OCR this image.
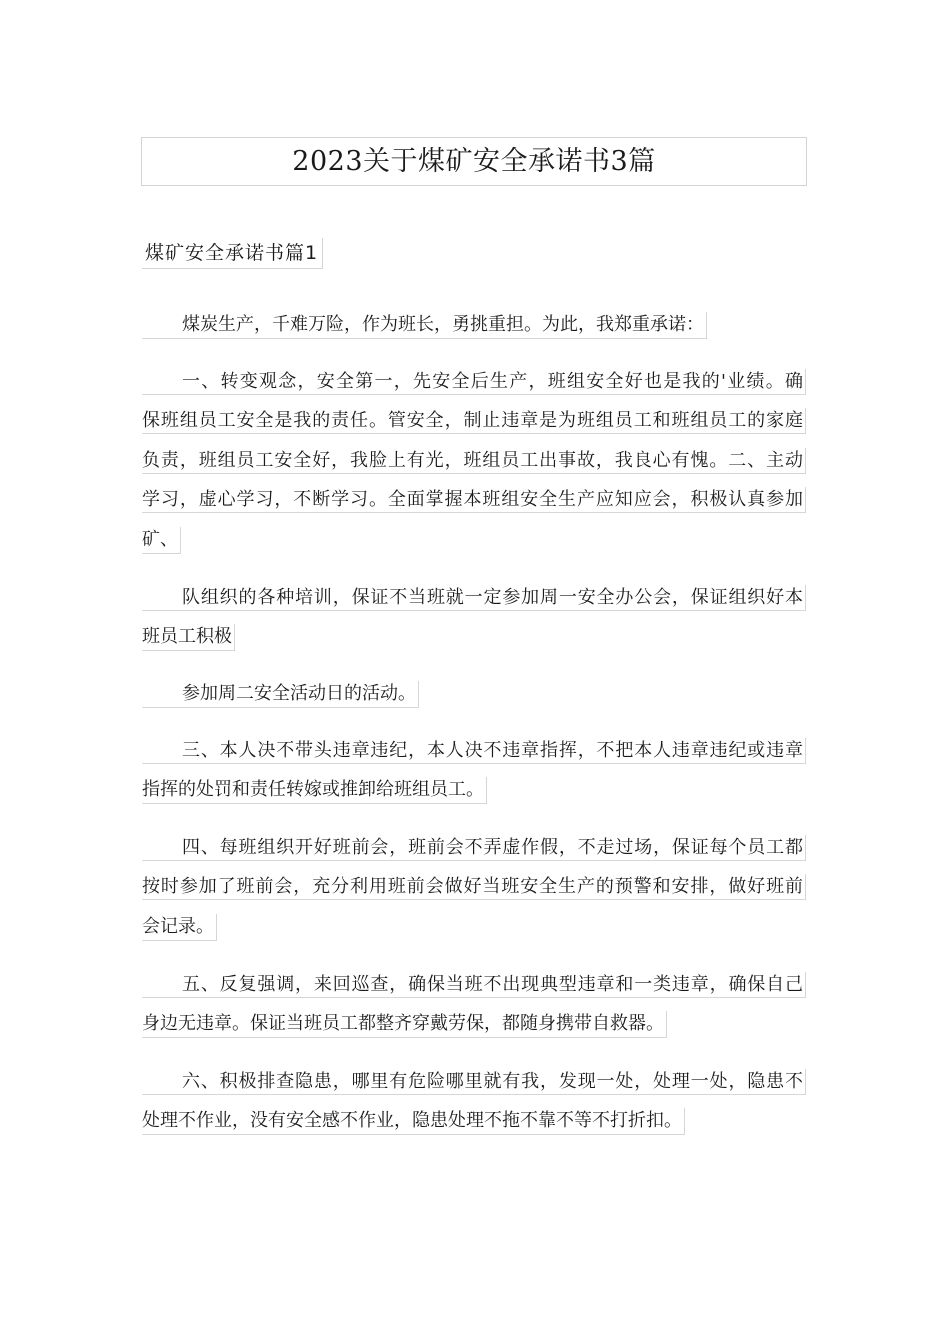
2023关于煤矿安全承诺书3篇
煤矿安全承诺书篇1
煤炭生产，千难万险，作为班长，勇挑重担。为此，我郑重承诺：
一、转变观念，安全第一，先安全后生产，班组安全好也是我的'业绩。确
保班组员工安全是我的责任。管安全，制止违章是为班组员工和班组员工的家庭
负责，班组员工安全好，我脸上有光，班组员工出事故，我良心有愧。二、主动
学习，虚心学习，不断学习。全面掌握本班组安全生产应知应会，积极认真参加
矿、
队组织的各种培训，保证不当班就一定参加周一安全办公会，保证组织好本
班员工积极
参加周二安全活动日的活动。
三、本人决不带头违章违纪，本人决不违章指挥，不把本人违章违纪或违章
指挥的处罚和责任转嫁或推卸给班组员工。
四、每班组织开好班前会，班前会不弄虚作假，不走过场，保证每个员工都
按时参加了班前会，充分利用班前会做好当班安全生产的预警和安排，做好班前
会记录。
五、反复强调，来回巡查，确保当班不出现典型违章和一类违章，确保自己
身边无违章。保证当班员工都整齐穿戴劳保，都随身携带自救器。
六、积极排查隐患，哪里有危险哪里就有我，发现一处，处理一处，隐患不
处理不作业，没有安全感不作业，隐患处理不拖不靠不等不打折扣。
